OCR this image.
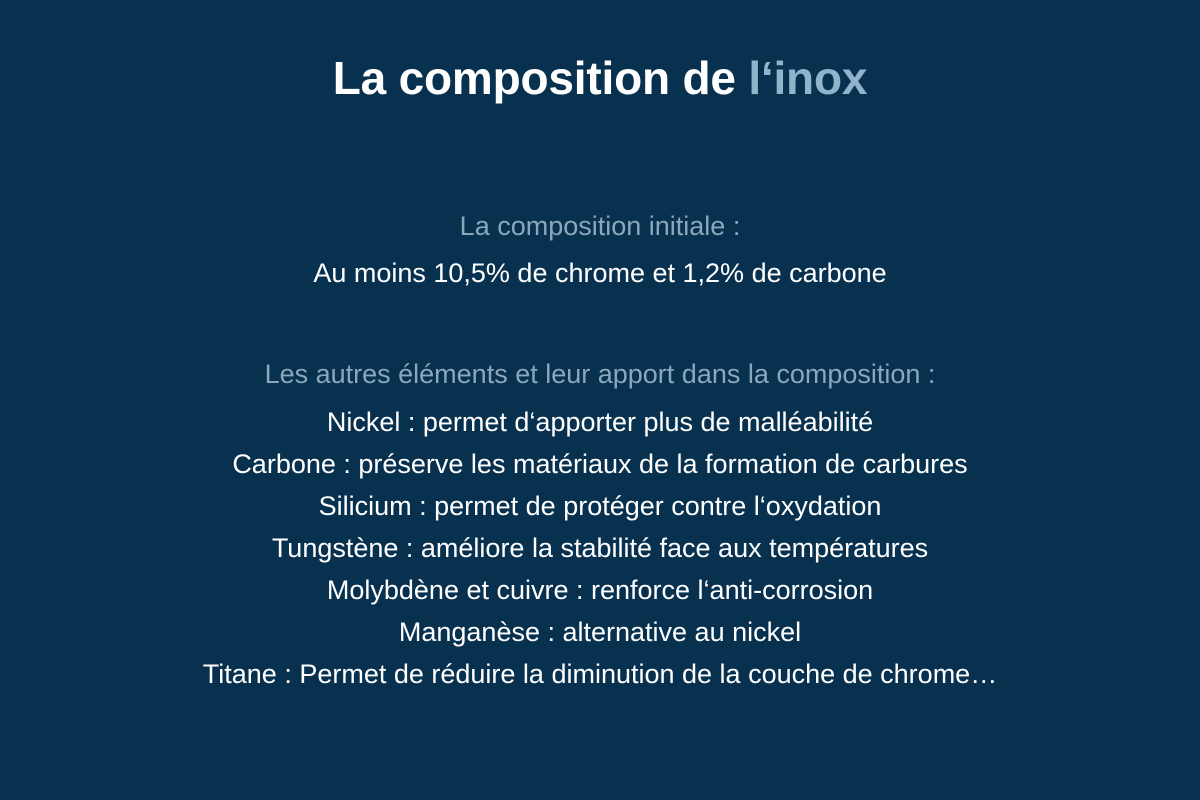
La composition de l‘inox
La composition initiale :
Au moins 10,5% de chrome et 1,2% de carbone
Les autres éléments et leur apport dans la composition :
Nickel : permet d‘apporter plus de malléabilité
Carbone : préserve les matériaux de la formation de carbures
Silicium : permet de protéger contre l‘oxydation
Tungstène : améliore la stabilité face aux températures
Molybdène et cuivre : renforce l‘anti-corrosion
Manganèse : alternative au nickel
Titane : Permet de réduire la diminution de la couche de chrome…
